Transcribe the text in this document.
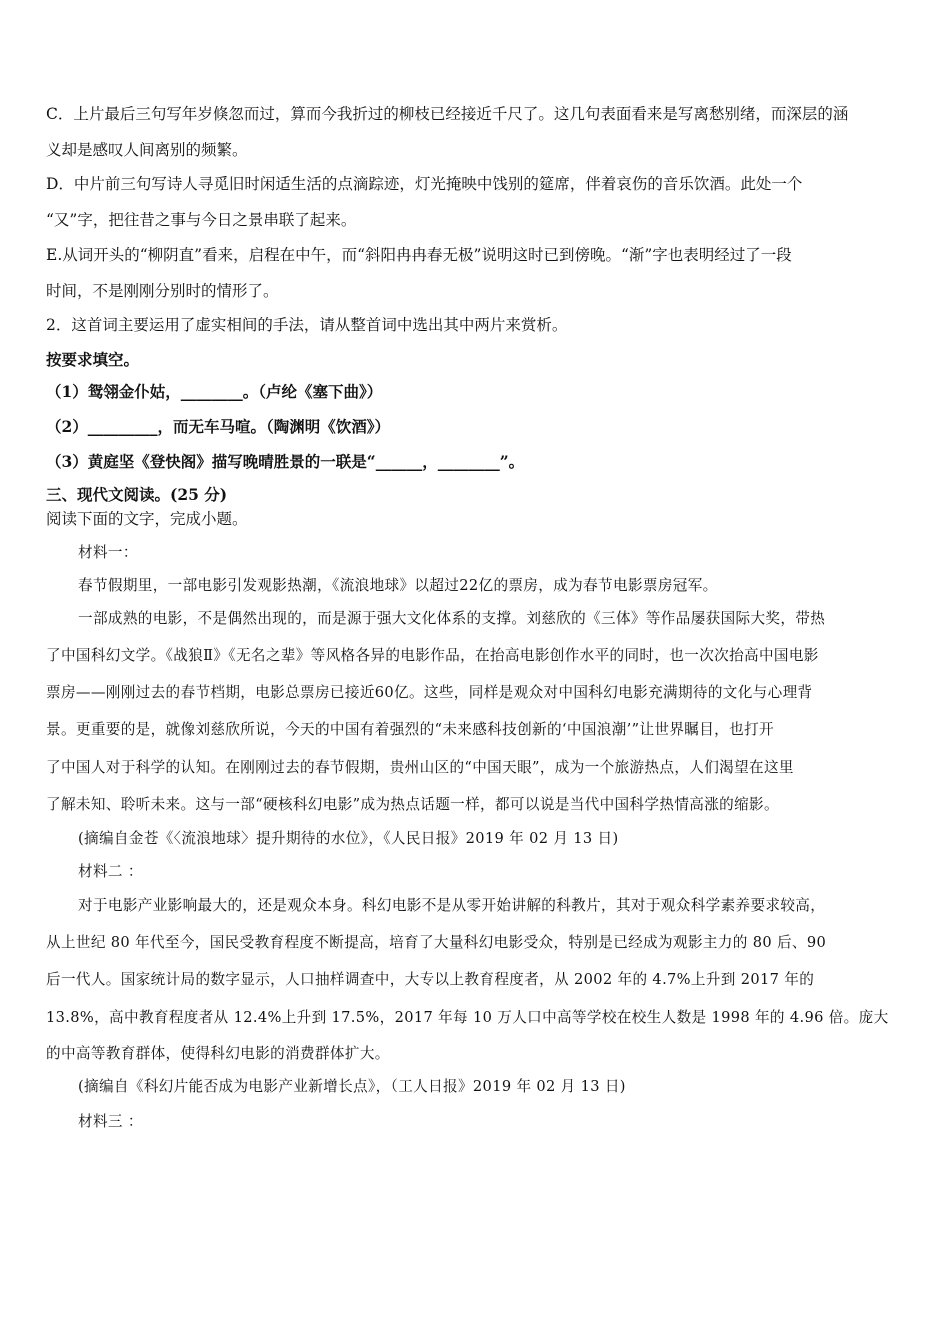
C．上片最后三句写年岁倏忽而过，算而今我折过的柳枝已经接近千尺了。这几句表面看来是写离愁别绪，而深层的涵
义却是感叹人间离别的频繁。
D．中片前三句写诗人寻觅旧时闲适生活的点滴踪迹，灯光掩映中饯别的筵席，伴着哀伤的音乐饮酒。此处一个
“又”字，把往昔之事与今日之景串联了起来。
E.从词开头的“柳阴直”看来，启程在中午，而“斜阳冉冉春无极”说明这时已到傍晚。“渐”字也表明经过了一段
时间，不是刚刚分别时的情形了。
2．这首词主要运用了虚实相间的手法，请从整首词中选出其中两片来赏析。
按要求填空。
（1）鸳翎金仆姑，________。（卢纶《塞下曲》）
（2）_________，而无车马喧。（陶渊明《饮酒》）
（3）黄庭坚《登快阁》描写晚晴胜景的一联是“______，________”。
三、现代文阅读。(25 分)
阅读下面的文字，完成小题。
材料一：
春节假期里，一部电影引发观影热潮，《流浪地球》以超过22亿的票房，成为春节电影票房冠军。
一部成熟的电影，不是偶然出现的，而是源于强大文化体系的支撑。刘慈欣的《三体》等作品屡获国际大奖，带热
了中国科幻文学。《战狼Ⅱ》《无名之辈》等风格各异的电影作品，在抬高电影创作水平的同时，也一次次抬高中国电影
票房——刚刚过去的春节档期，电影总票房已接近60亿。这些，同样是观众对中国科幻电影充满期待的文化与心理背
景。更重要的是，就像刘慈欣所说，今天的中国有着强烈的“未来感科技创新的‘中国浪潮’”让世界瞩目，也打开
了中国人对于科学的认知。在刚刚过去的春节假期，贵州山区的“中国天眼”，成为一个旅游热点，人们渴望在这里
了解未知、聆听未来。这与一部“硬核科幻电影”成为热点话题一样，都可以说是当代中国科学热情高涨的缩影。
(摘编自金苍《〈流浪地球〉提升期待的水位》，《人民日报》2019 年 02 月 13 日)
材料二 ：
对于电影产业影响最大的，还是观众本身。科幻电影不是从零开始讲解的科教片，其对于观众科学素养要求较高，
从上世纪 80 年代至今，国民受教育程度不断提高，培育了大量科幻电影受众，特别是已经成为观影主力的 80 后、90
后一代人。国家统计局的数字显示，人口抽样调查中，大专以上教育程度者，从 2002 年的 4.7%上升到 2017 年的
13.8%，高中教育程度者从 12.4%上升到 17.5%，2017 年每 10 万人口中高等学校在校生人数是 1998 年的 4.96 倍。庞大
的中高等教育群体，使得科幻电影的消费群体扩大。
(摘编自《科幻片能否成为电影产业新增长点》，（工人日报》2019 年 02 月 13 日)
材料三 ：
